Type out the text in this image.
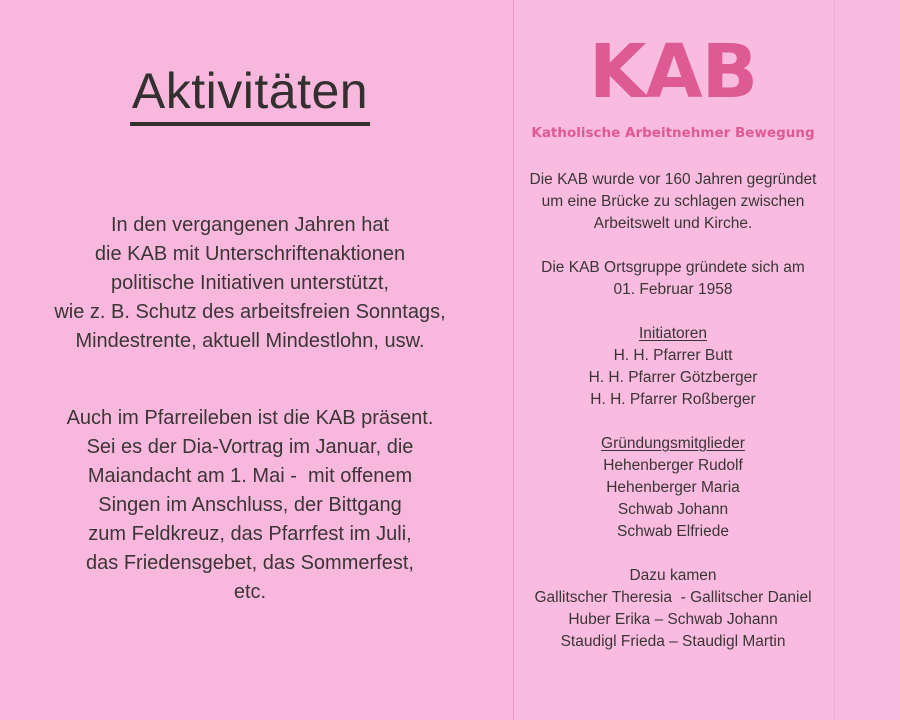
Aktivitäten
In den vergangenen Jahren hat
die KAB mit Unterschriftenaktionen
politische Initiativen unterstützt,
wie z. B. Schutz des arbeitsfreien Sonntags,
Mindestrente, aktuell Mindestlohn, usw.
Auch im Pfarreileben ist die KAB präsent.
Sei es der Dia-Vortrag im Januar, die
Maiandacht am 1. Mai -  mit offenem
Singen im Anschluss, der Bittgang
zum Feldkreuz, das Pfarrfest im Juli,
das Friedensgebet, das Sommerfest,
etc.
KAB
Katholische Arbeitnehmer Bewegung
Die KAB wurde vor 160 Jahren gegründet
um eine Brücke zu schlagen zwischen
Arbeitswelt und Kirche.
Die KAB Ortsgruppe gründete sich am
01. Februar 1958
Initiatoren
H. H. Pfarrer Butt
H. H. Pfarrer Götzberger
H. H. Pfarrer Roßberger
Gründungsmitglieder
Hehenberger Rudolf
Hehenberger Maria
Schwab Johann
Schwab Elfriede
Dazu kamen
Gallitscher Theresia  - Gallitscher Daniel
Huber Erika – Schwab Johann
Staudigl Frieda – Staudigl Martin
